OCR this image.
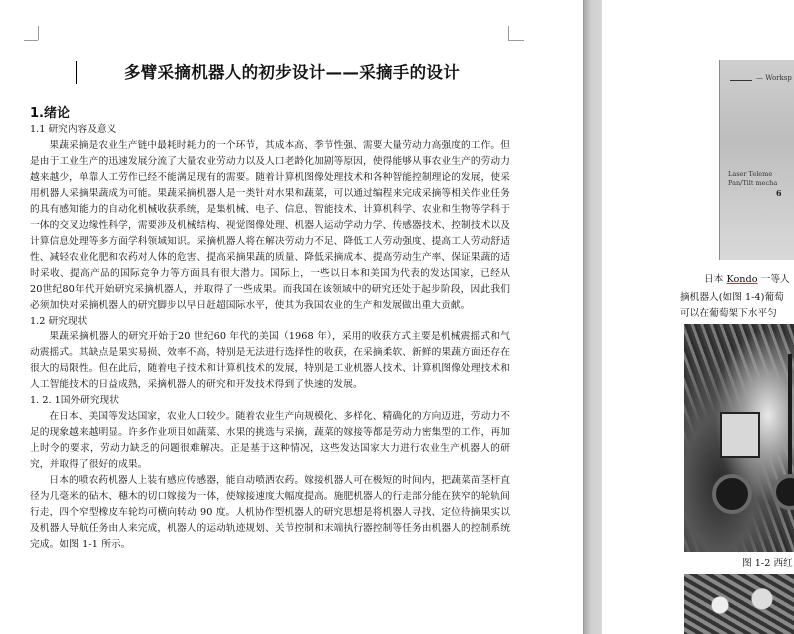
多臂采摘机器人的初步设计——采摘手的设计
1.绪论
1.1 研究内容及意义

果蔬采摘是农业生产链中最耗时耗力的一个环节，其成本高、季节性强、需要大量劳动力高强度的工作。但是由于工业生产的迅速发展分流了大量农业劳动力以及人口老龄化加剧等原因，使得能够从事农业生产的劳动力越来越少，单靠人工劳作已经不能满足现有的需要。随着计算机图像处理技术和各种智能控制理论的发展，使采用机器人采摘果蔬成为可能。果蔬采摘机器人是一类针对水果和蔬菜，可以通过编程来完成采摘等相关作业任务的具有感知能力的自动化机械收获系统，是集机械、电子、信息、智能技术、计算机科学、农业和生物等学科于一体的交叉边缘性科学，需要涉及机械结构、视觉图像处理、机器人运动学动力学、传感器技术、控制技术以及计算信息处理等多方面学科领域知识。采摘机器人将在解决劳动力不足、降低工人劳动强度、提高工人劳动舒适性、减轻农业化肥和农药对人体的危害、提高采摘果蔬的质量、降低采摘成本、提高劳动生产率、保证果蔬的适时采收、提高产品的国际竞争力等方面具有很大潜力。国际上，一些以日本和美国为代表的发达国家，已经从20世纪80年代开始研究采摘机器人，并取得了一些成果。而我国在该领域中的研究还处于起步阶段，因此我们必须加快对采摘机器人的研究脚步以早日赶超国际水平，使其为我国农业的生产和发展做出重大贡献。

1.2 研究现状

果蔬采摘机器人的研究开始于20 世纪60 年代的美国（1968 年），采用的收获方式主要是机械震摇式和气动震摇式。其缺点是果实易损、效率不高，特别是无法进行选择性的收获，在采摘柔软、新鲜的果蔬方面还存在很大的局限性。但在此后，随着电子技术和计算机技术的发展，特别是工业机器人技术、计算机图像处理技术和人工智能技术的日益成熟，采摘机器人的研究和开发技术得到了快速的发展。

1. 2. 1国外研究现状

在日本、美国等发达国家，农业人口较少。随着农业生产向规模化、多样化、精确化的方向迈进，劳动力不足的现象越来越明显。许多作业项目如蔬菜、水果的挑选与采摘，蔬菜的嫁接等都是劳动力密集型的工作，再加上时令的要求，劳动力缺乏的问题很难解决。正是基于这种情况，这些发达国家大力进行农业生产机器人的研究，并取得了很好的成果。

日本的喷农药机器人上装有感应传感器，能自动喷洒农药。嫁接机器人可在极短的时间内，把蔬菜苗茎杆直径为几毫米的砧木、穗木的切口嫁接为一体，使嫁接速度大幅度提高。施肥机器人的行走部分能在狭窄的轮轨间行走，四个窄型橡皮车轮均可横向转动 90 度。人机协作型机器人的研究思想是将机器人寻找、定位待摘果实以及机器人导航任务由人来完成，机器人的运动轨迹规划、关节控制和末端执行器控制等任务由机器人的控制系统完成。如图 1-1 所示。

— Worksp
Laser Teleme
Pan/Tilt mecha
6
日本 Kondo 一等人
摘机器人(如图 1-4)葡萄
可以在葡萄架下水平匀
图 1-2 西红
